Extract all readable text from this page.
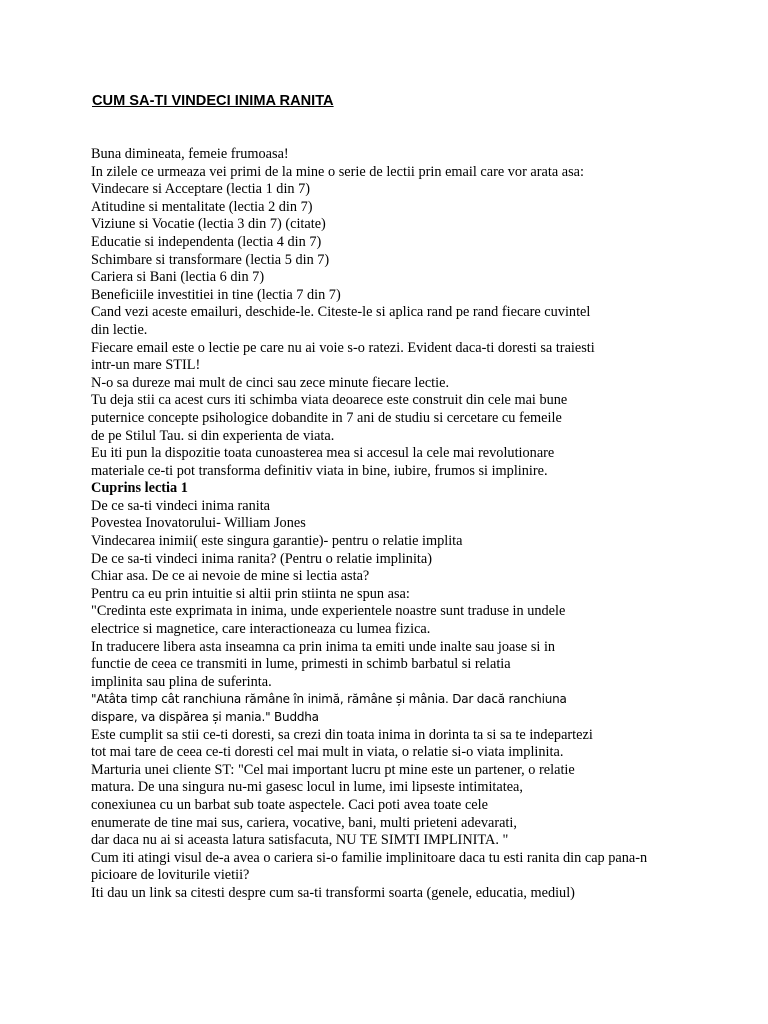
CUM SA-TI VINDECI INIMA RANITA
Buna dimineata, femeie frumoasa!
In zilele ce urmeaza vei primi de la mine o serie de lectii prin email care vor arata asa:
Vindecare si Acceptare (lectia 1 din 7)
Atitudine si mentalitate (lectia 2 din 7)
Viziune si Vocatie (lectia 3 din 7) (citate)
Educatie si independenta (lectia 4 din 7)
Schimbare si transformare (lectia 5 din 7)
Cariera si Bani (lectia 6 din 7)
Beneficiile investitiei in tine (lectia 7 din 7)
Cand vezi aceste emailuri, deschide-le. Citeste-le si aplica rand pe rand fiecare cuvintel
din lectie.
Fiecare email este o lectie pe care nu ai voie s-o ratezi. Evident daca-ti doresti sa traiesti
intr-un mare STIL!
N-o sa dureze mai mult de cinci sau zece minute fiecare lectie.
Tu deja stii ca acest curs iti schimba viata deoarece este construit din cele mai bune
puternice concepte psihologice dobandite in 7 ani de studiu si cercetare cu femeile
de pe Stilul Tau. si din experienta de viata.
Eu iti pun la dispozitie toata cunoasterea mea si accesul la cele mai revolutionare
materiale ce-ti pot transforma definitiv viata in bine, iubire, frumos si implinire.
Cuprins lectia 1
De ce sa-ti vindeci inima ranita
Povestea Inovatorului- William Jones
Vindecarea inimii( este singura garantie)- pentru o relatie implita
De ce sa-ti vindeci inima ranita? (Pentru o relatie implinita)
Chiar asa. De ce ai nevoie de mine si lectia asta?
Pentru ca eu prin intuitie si altii prin stiinta ne spun asa:
"Credinta este exprimata in inima, unde experientele noastre sunt traduse in undele
electrice si magnetice, care interactioneaza cu lumea fizica.
In traducere libera asta inseamna ca prin inima ta emiti unde inalte sau joase si in
functie de ceea ce transmiti in lume, primesti in schimb barbatul si relatia
implinita sau plina de suferinta.
"Atâta timp cât ranchiuna rămâne în inimă, rămâne și mânia. Dar dacă ranchiuna
dispare, va dispărea și mania." Buddha
Este cumplit sa stii ce-ti doresti, sa crezi din toata inima in dorinta ta si sa te indepartezi
tot mai tare de ceea ce-ti doresti cel mai mult in viata, o relatie si-o viata implinita.
Marturia unei cliente ST: "Cel mai important lucru pt mine este un partener, o relatie
matura. De una singura nu-mi gasesc locul in lume, imi lipseste intimitatea,
conexiunea cu un barbat sub toate aspectele. Caci poti avea toate cele
enumerate de tine mai sus, cariera, vocative, bani, multi prieteni adevarati,
dar daca nu ai si aceasta latura satisfacuta, NU TE SIMTI IMPLINITA. "
Cum iti atingi visul de-a avea o cariera si-o familie implinitoare daca tu esti ranita din cap pana-n
picioare de loviturile vietii?
Iti dau un link sa citesti despre cum sa-ti transformi soarta (genele, educatia, mediul)
